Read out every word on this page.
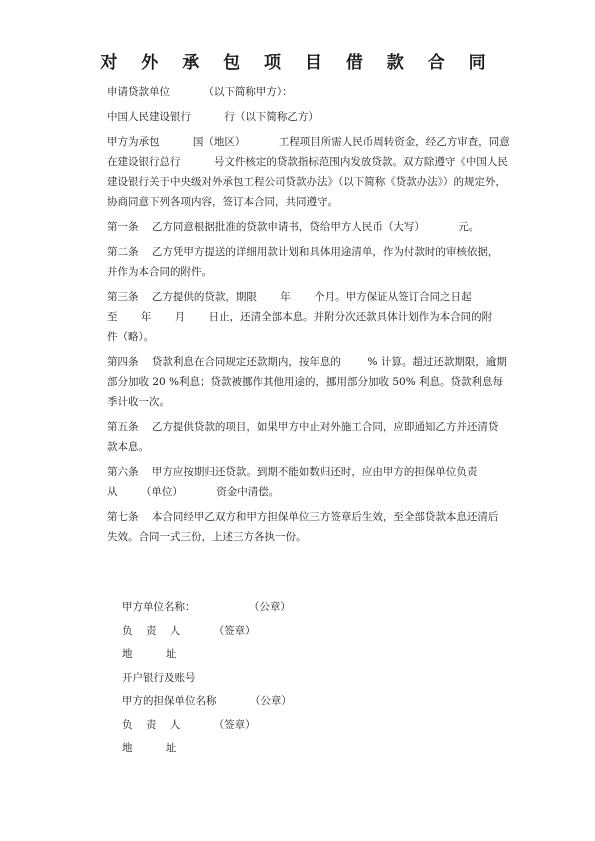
对 外 承 包 项 目 借 款 合 同
申请贷款单位          （以下简称甲方）：
中国人民建设银行          行（以下简称乙方）
甲方为承包          国（地区）          工程项目所需人民币周转资金，经乙方审查，同意
在建设银行总行          号文件核定的贷款指标范围内发放贷款。双方除遵守《中国人民
建设银行关于中央级对外承包工程公司贷款办法》（以下简称《贷款办法》）的规定外，
协商同意下列各项内容，签订本合同，共同遵守。
第一条    乙方同意根据批准的贷款申请书，贷给甲方人民币（大写）          元。
第二条    乙方凭甲方提送的详细用款计划和具体用途清单，作为付款时的审核依据，
并作为本合同的附件。
第三条    乙方提供的贷款，期限       年       个月。甲方保证从签订合同之日起
至       年       月       日止，还清全部本息。并附分次还款具体计划作为本合同的附
件（略）。
第四条    贷款利息在合同规定还款期内，按年息的        % 计算。超过还款期限，逾期
部分加收 20 %利息；贷款被挪作其他用途的，挪用部分加收 50% 利息。贷款利息每
季计收一次。
第五条    乙方提供贷款的项目，如果甲方中止对外施工合同，应即通知乙方并还清贷
款本息。
第六条    甲方应按期归还贷款。到期不能如数归还时，应由甲方的担保单位负责
从       （单位）          资金中清偿。
第七条    本合同经甲乙双方和甲方担保单位三方签章后生效，至全部贷款本息还清后
失效。合同一式三份，上述三方各执一份。
甲方单位名称：                （公章）
负    责    人          （签章）
地          址
开户银行及账号
甲方的担保单位名称          （公章）
负    责    人          （签章）
地          址
